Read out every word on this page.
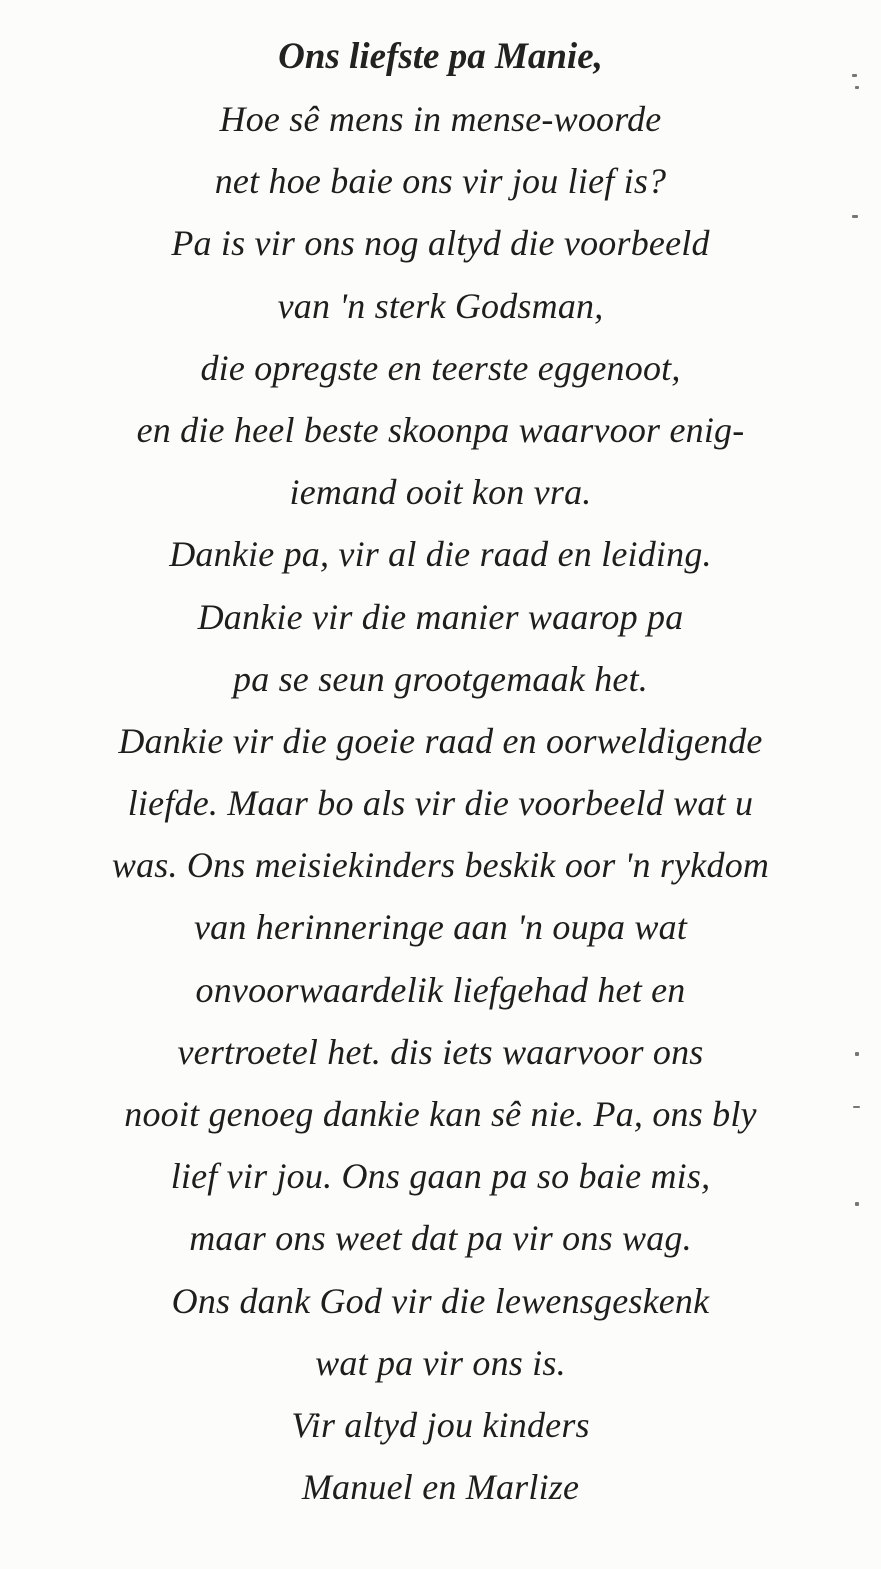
Ons liefste pa Manie,
Hoe sê mens in mense-woorde
net hoe baie ons vir jou lief is?
Pa is vir ons nog altyd die voorbeeld
van 'n sterk Godsman,
die opregste en teerste eggenoot,
en die heel beste skoonpa waarvoor enig-
iemand ooit kon vra.
Dankie pa, vir al die raad en leiding.
Dankie vir die manier waarop pa
pa se seun grootgemaak het.
Dankie vir die goeie raad en oorweldigende
liefde. Maar bo als vir die voorbeeld wat u
was. Ons meisiekinders beskik oor 'n rykdom
van herinneringe aan 'n oupa wat
onvoorwaardelik liefgehad het en
vertroetel het. dis iets waarvoor ons
nooit genoeg dankie kan sê nie. Pa, ons bly
lief vir jou. Ons gaan pa so baie mis,
maar ons weet dat pa vir ons wag.
Ons dank God vir die lewensgeskenk
wat pa vir ons is.
Vir altyd jou kinders
Manuel en Marlize
